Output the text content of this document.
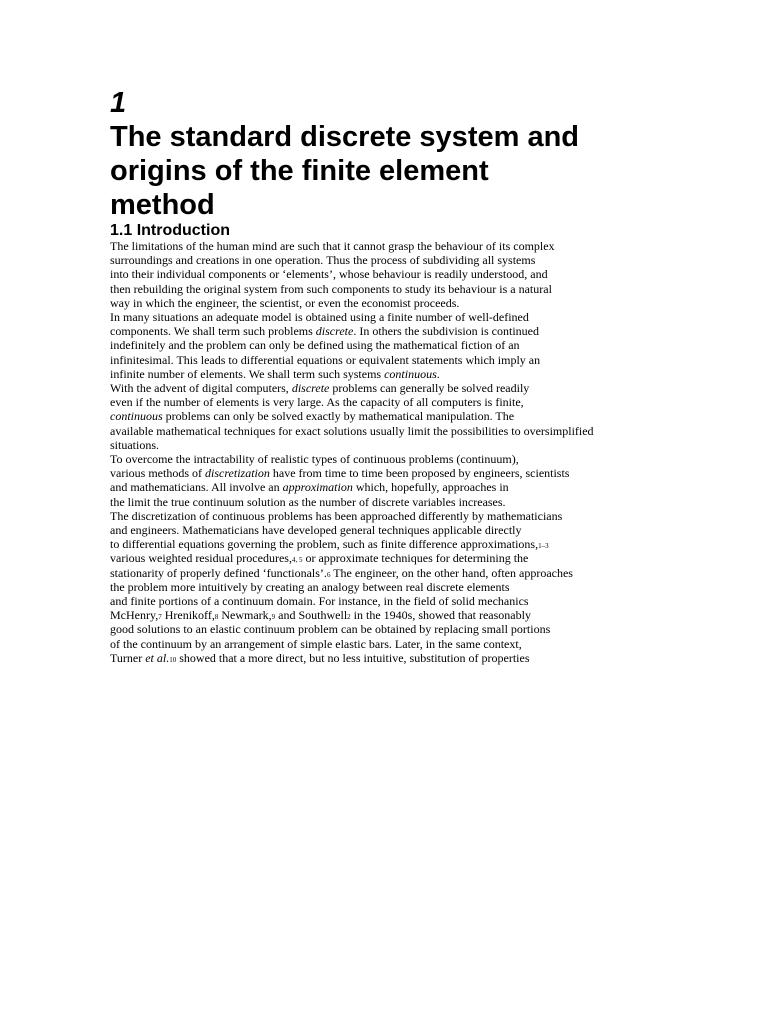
1
The standard discrete system and
origins of the finite element
method
1.1 Introduction
The limitations of the human mind are such that it cannot grasp the behaviour of its complex
surroundings and creations in one operation. Thus the process of subdividing all systems
into their individual components or ‘elements’, whose behaviour is readily understood, and
then rebuilding the original system from such components to study its behaviour is a natural
way in which the engineer, the scientist, or even the economist proceeds.
In many situations an adequate model is obtained using a finite number of well-defined
components. We shall term such problems discrete. In others the subdivision is continued
indefinitely and the problem can only be defined using the mathematical fiction of an
infinitesimal. This leads to differential equations or equivalent statements which imply an
infinite number of elements. We shall term such systems continuous.
With the advent of digital computers, discrete problems can generally be solved readily
even if the number of elements is very large. As the capacity of all computers is finite,
continuous problems can only be solved exactly by mathematical manipulation. The
available mathematical techniques for exact solutions usually limit the possibilities to oversimplified
situations.
To overcome the intractability of realistic types of continuous problems (continuum),
various methods of discretization have from time to time been proposed by engineers, scientists
and mathematicians. All involve an approximation which, hopefully, approaches in
the limit the true continuum solution as the number of discrete variables increases.
The discretization of continuous problems has been approached differently by mathematicians
and engineers. Mathematicians have developed general techniques applicable directly
to differential equations governing the problem, such as finite difference approximations,1–3
various weighted residual procedures,4, 5 or approximate techniques for determining the
stationarity of properly defined ‘functionals’.6 The engineer, on the other hand, often approaches
the problem more intuitively by creating an analogy between real discrete elements
and finite portions of a continuum domain. For instance, in the field of solid mechanics
McHenry,7 Hrenikoff,8 Newmark,9 and Southwell2 in the 1940s, showed that reasonably
good solutions to an elastic continuum problem can be obtained by replacing small portions
of the continuum by an arrangement of simple elastic bars. Later, in the same context,
Turner et al.10 showed that a more direct, but no less intuitive, substitution of properties
